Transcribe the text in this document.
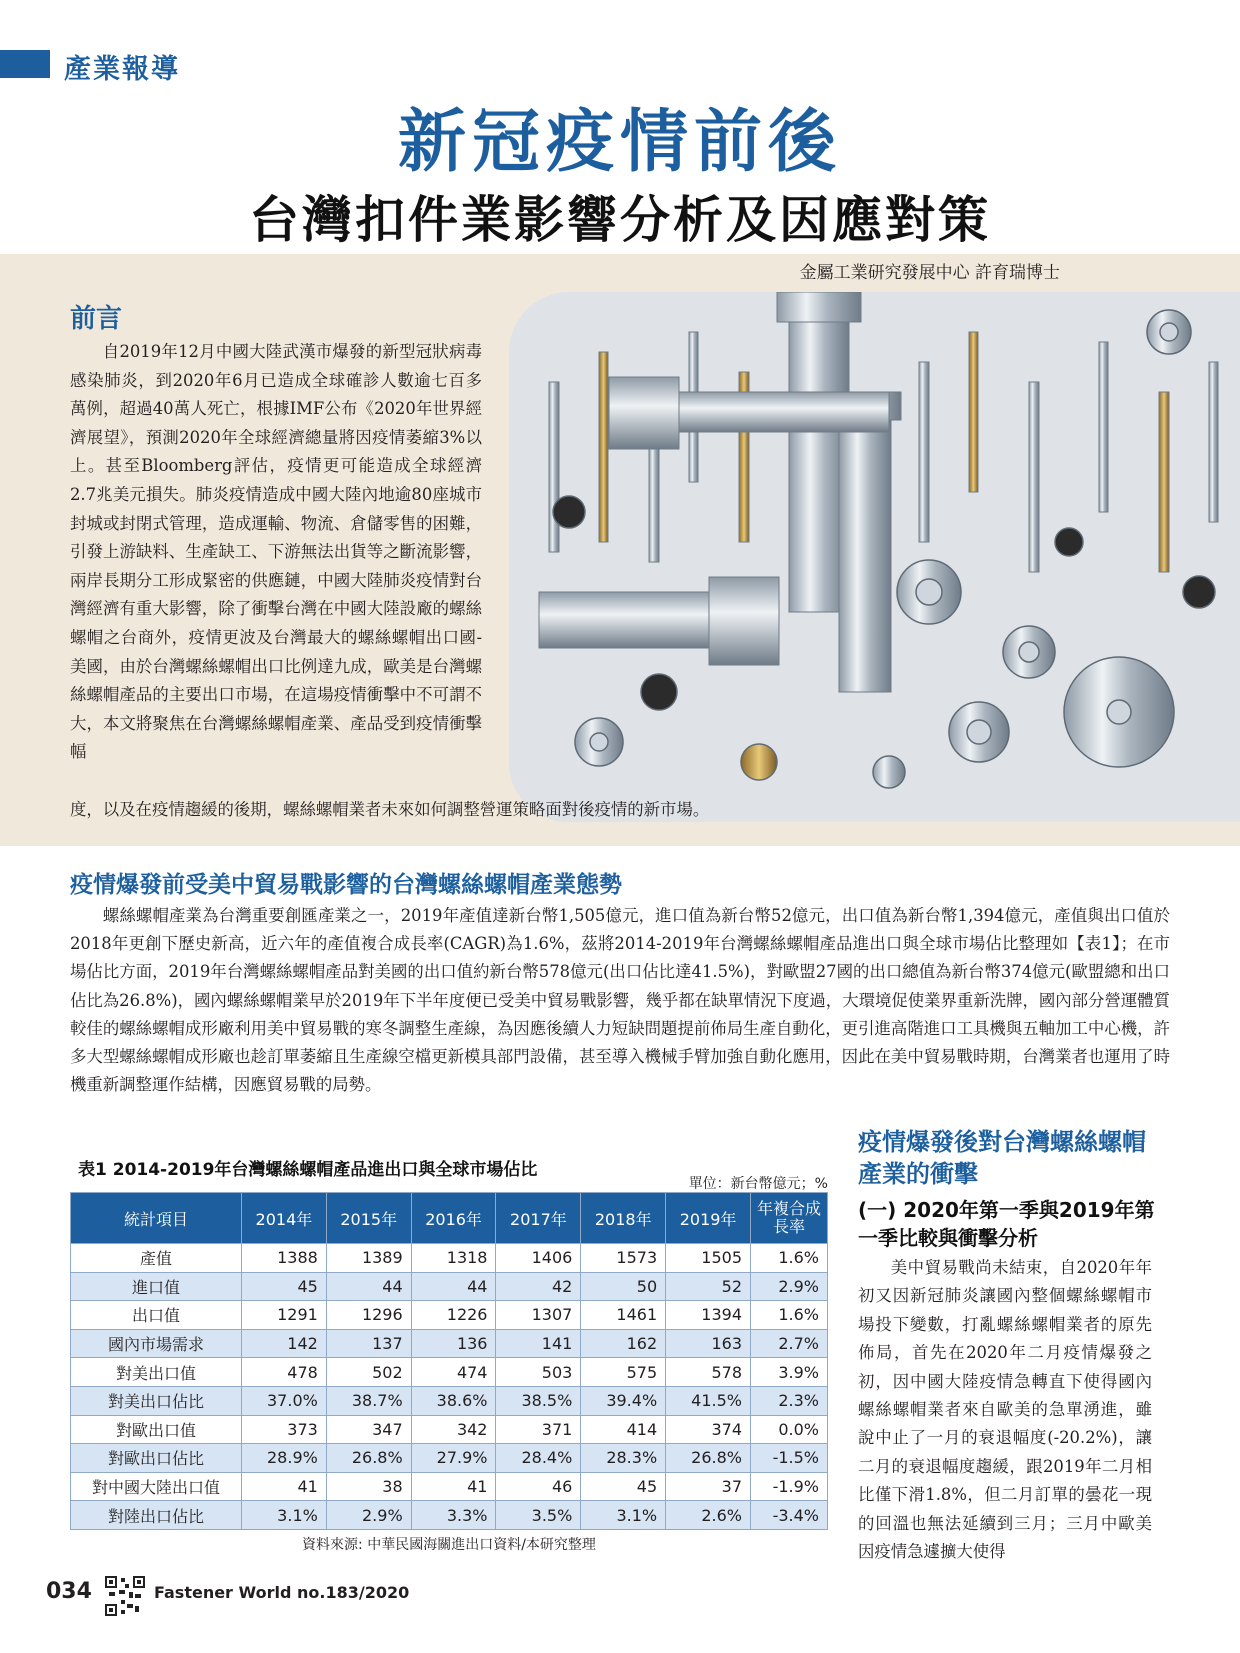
產業報導
新冠疫情前後
台灣扣件業影響分析及因應對策
金屬工業研究發展中心 許育瑞博士
前言
自2019年12月中國大陸武漢市爆發的新型冠狀病毒感染肺炎，到2020年6月已造成全球確診人數逾七百多萬例，超過40萬人死亡，根據IMF公布《2020年世界經濟展望》，預測2020年全球經濟總量將因疫情萎縮3%以上。甚至Bloomberg評估，疫情更可能造成全球經濟2.7兆美元損失。肺炎疫情造成中國大陸內地逾80座城市封城或封閉式管理，造成運輸、物流、倉儲零售的困難，引發上游缺料、生產缺工、下游無法出貨等之斷流影響，兩岸長期分工形成緊密的供應鏈，中國大陸肺炎疫情對台灣經濟有重大影響，除了衝擊台灣在中國大陸設廠的螺絲螺帽之台商外，疫情更波及台灣最大的螺絲螺帽出口國-美國，由於台灣螺絲螺帽出口比例達九成，歐美是台灣螺絲螺帽產品的主要出口市場，在這場疫情衝擊中不可謂不大，本文將聚焦在台灣螺絲螺帽產業、產品受到疫情衝擊幅
度，以及在疫情趨緩的後期，螺絲螺帽業者未來如何調整營運策略面對後疫情的新市場。
疫情爆發前受美中貿易戰影響的台灣螺絲螺帽產業態勢
螺絲螺帽產業為台灣重要創匯產業之一，2019年產值達新台幣1,505億元，進口值為新台幣52億元，出口值為新台幣1,394億元，產值與出口值於2018年更創下歷史新高，近六年的產值複合成長率(CAGR)為1.6%，茲將2014-2019年台灣螺絲螺帽產品進出口與全球市場佔比整理如【表1】；在市場佔比方面，2019年台灣螺絲螺帽產品對美國的出口值約新台幣578億元(出口佔比達41.5%)，對歐盟27國的出口總值為新台幣374億元(歐盟總和出口佔比為26.8%)，國內螺絲螺帽業早於2019年下半年度便已受美中貿易戰影響，幾乎都在缺單情況下度過，大環境促使業界重新洗牌，國內部分營運體質較佳的螺絲螺帽成形廠利用美中貿易戰的寒冬調整生產線，為因應後續人力短缺問題提前佈局生產自動化，更引進高階進口工具機與五軸加工中心機，許多大型螺絲螺帽成形廠也趁訂單萎縮且生產線空檔更新模具部門設備，甚至導入機械手臂加強自動化應用，因此在美中貿易戰時期，台灣業者也運用了時機重新調整運作結構，因應貿易戰的局勢。
表1 2014-2019年台灣螺絲螺帽產品進出口與全球市場佔比
單位：新台幣億元；%
統計項目	2014年	2015年	2016年	2017年	2018年	2019年	年複合成長率
產值	1388	1389	1318	1406	1573	1505	1.6%
進口值	45	44	44	42	50	52	2.9%
出口值	1291	1296	1226	1307	1461	1394	1.6%
國內市場需求	142	137	136	141	162	163	2.7%
對美出口值	478	502	474	503	575	578	3.9%
對美出口佔比	37.0%	38.7%	38.6%	38.5%	39.4%	41.5%	2.3%
對歐出口值	373	347	342	371	414	374	0.0%
對歐出口佔比	28.9%	26.8%	27.9%	28.4%	28.3%	26.8%	-1.5%
對中國大陸出口值	41	38	41	46	45	37	-1.9%
對陸出口佔比	3.1%	2.9%	3.3%	3.5%	3.1%	2.6%	-3.4%
資料來源: 中華民國海關進出口資料/本研究整理
疫情爆發後對台灣螺絲螺帽產業的衝擊
(一) 2020年第一季與2019年第一季比較與衝擊分析
美中貿易戰尚未結束，自2020年年初又因新冠肺炎讓國內整個螺絲螺帽市場投下變數，打亂螺絲螺帽業者的原先佈局，首先在2020年二月疫情爆發之初，因中國大陸疫情急轉直下使得國內螺絲螺帽業者來自歐美的急單湧進，雖說中止了一月的衰退幅度(-20.2%)，讓二月的衰退幅度趨緩，跟2019年二月相比僅下滑1.8%，但二月訂單的曇花一現的回溫也無法延續到三月；三月中歐美因疫情急遽擴大使得
034	Fastener World no.183/2020
